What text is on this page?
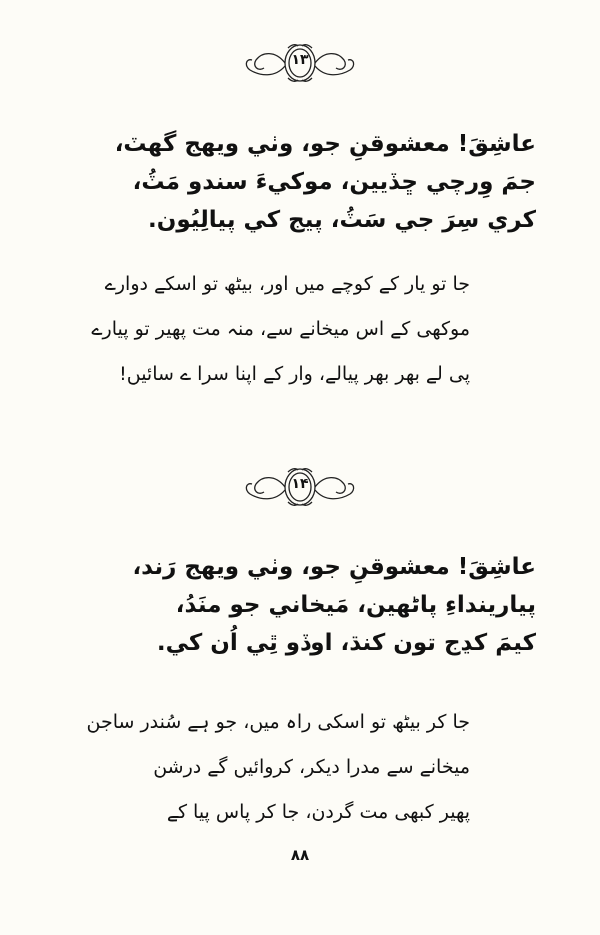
۱۳
عاشِقَ! معشوقنِ جو، وٺي ويهج گهٽ،
جمَ وِرچي ڇڏيين، موکيءَ سندو مَٽُ،
کري سِرَ جي سَٽُ، پيج کي پيالِيُون.
جا تو یار کے کوچے میں اور، بیٹھ تو اسکے دوارے
موکھی کے اس میخانے سے، منہ مت پھیر تو پیارے
پی لے بھر بھر پیالے، وار کے اپنا سرا ے سائیں!
۱۴
عاشِقَ! معشوقنِ جو، وٺي ويهج رَند،
پيارينداءِ پاڻهين، مَيخاني جو منَدُ،
کيمَ کڍج تون کنڌ، اوڏو ٿِي اُن کي.
جا کر بیٹھ تو اسکی راہ میں، جو ہے سُندر ساجن
میخانے سے مدرا دیکر، کروائیں گے درشن
پھیر کبھی مت گردن، جا کر پاس پیا کے
۸۸
